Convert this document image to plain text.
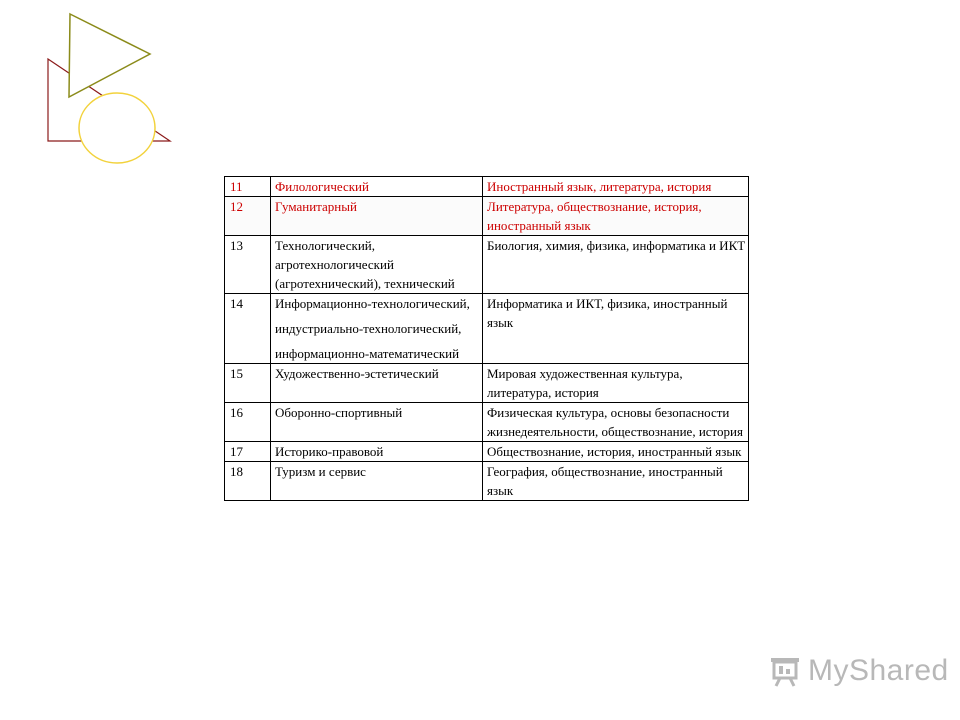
11	Филологический	Иностранный язык, литература, история
12	Гуманитарный	Литература, обществознание, история, иностранный язык
13	Технологический, агротехнологический (агротехнический), технический	Биология, химия, физика, информатика и ИКТ
14	Информационно-технологический,
индустриально-технологический,
информационно-математический	Информатика и ИКТ, физика, иностранный язык
15	Художественно-эстетический	Мировая художественная культура, литература, история
16	Оборонно-спортивный	Физическая культура, основы безопасности жизнедеятельности, обществознание, история
17	Историко-правовой	Обществознание, история, иностранный язык
18	Туризм и сервис	География, обществознание, иностранный язык
MyShared
